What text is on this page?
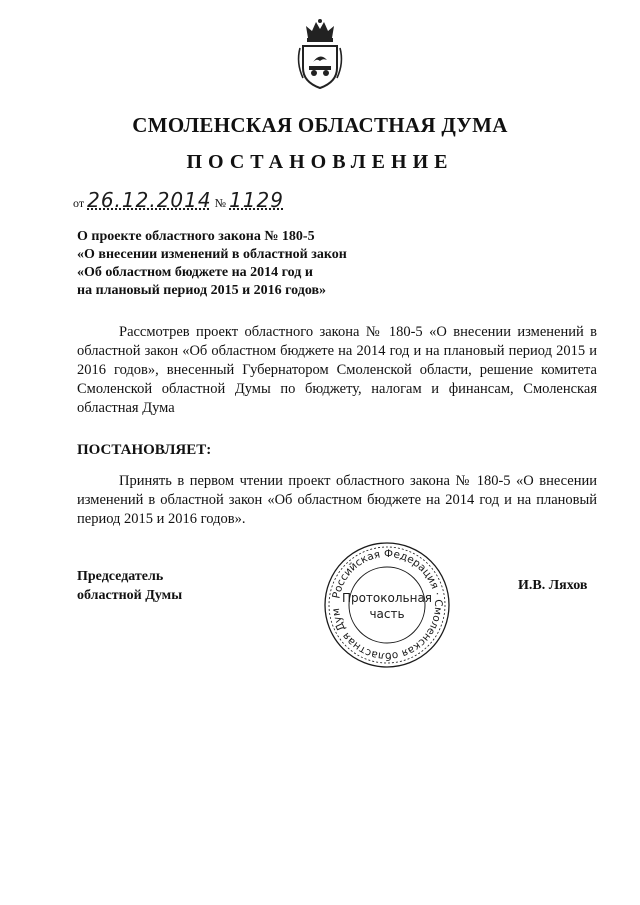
СМОЛЕНСКАЯ ОБЛАСТНАЯ ДУМА
ПОСТАНОВЛЕНИЕ
от 26.12.2014 № 1129
О проекте областного закона № 180-5
«О внесении изменений в областной закон
«Об областном бюджете на 2014 год и
на плановый период 2015 и 2016 годов»
Рассмотрев проект областного закона № 180-5 «О внесении изменений в областной закон «Об областном бюджете на 2014 год и на плановый период 2015 и 2016 годов», внесенный Губернатором Смоленской области, решение комитета Смоленской областной Думы по бюджету, налогам и финансам, Смоленская областная Дума
ПОСТАНОВЛЯЕТ:
Принять в первом чтении проект областного закона № 180-5 «О внесении изменений в областной закон «Об областном бюджете на 2014 год и на плановый период 2015 и 2016 годов».
Председатель
областной Думы
И.В. Ляхов
Российская Федерация · Смоленская областная Дум
Протокольная
часть
